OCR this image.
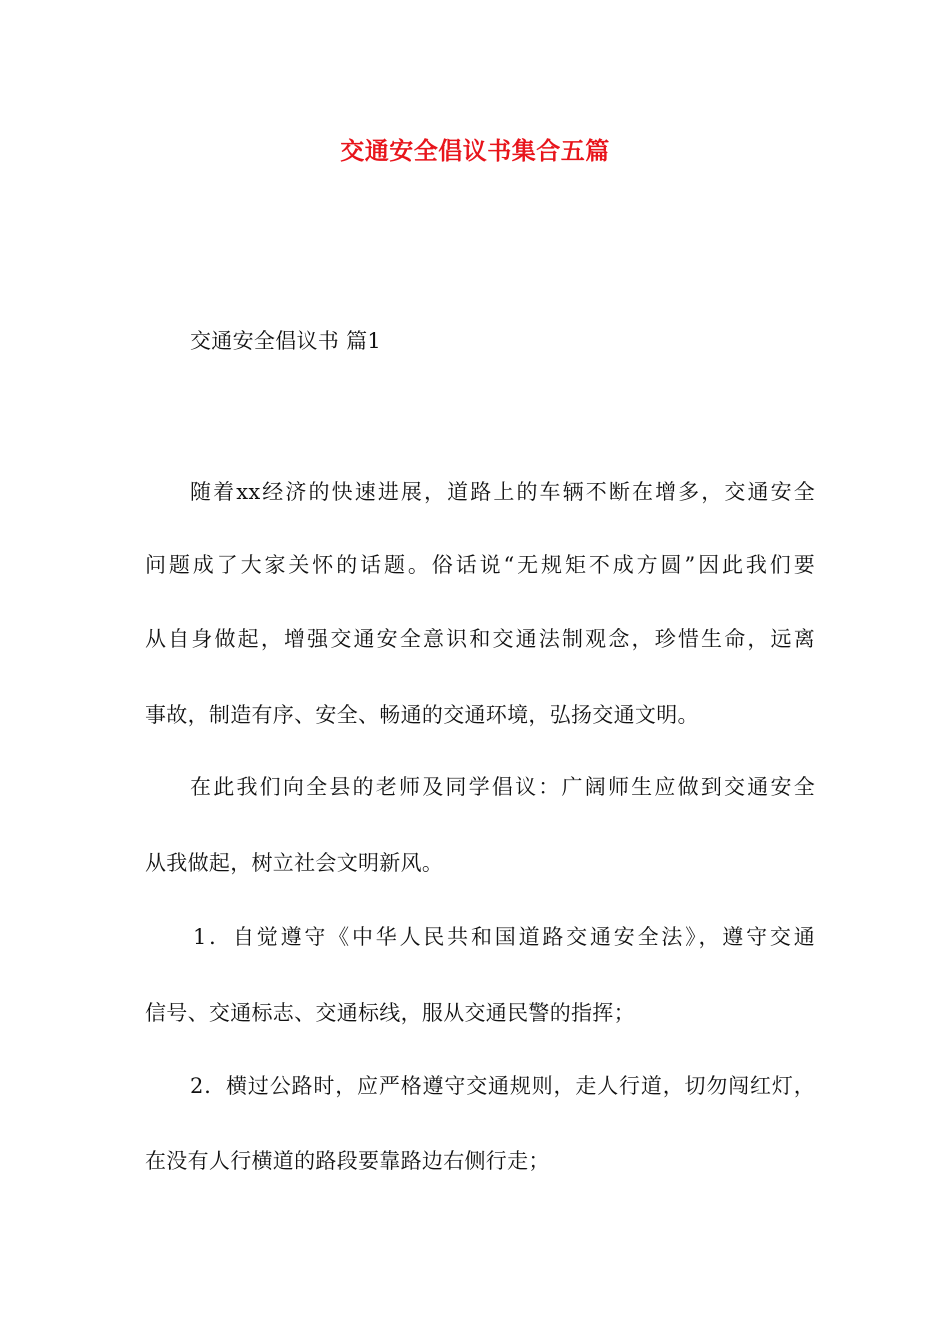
交通安全倡议书集合五篇
交通安全倡议书 篇1
随着xx经济的快速进展，道路上的车辆不断在增多，交通安全
问题成了大家关怀的话题。俗话说“无规矩不成方圆”因此我们要
从自身做起，增强交通安全意识和交通法制观念，珍惜生命，远离
事故，制造有序、安全、畅通的交通环境，弘扬交通文明。
在此我们向全县的老师及同学倡议：广阔师生应做到交通安全
从我做起，树立社会文明新风。
1．自觉遵守《中华人民共和国道路交通安全法》，遵守交通
信号、交通标志、交通标线，服从交通民警的指挥；
2．横过公路时，应严格遵守交通规则，走人行道，切勿闯红灯，
在没有人行横道的路段要靠路边右侧行走；
